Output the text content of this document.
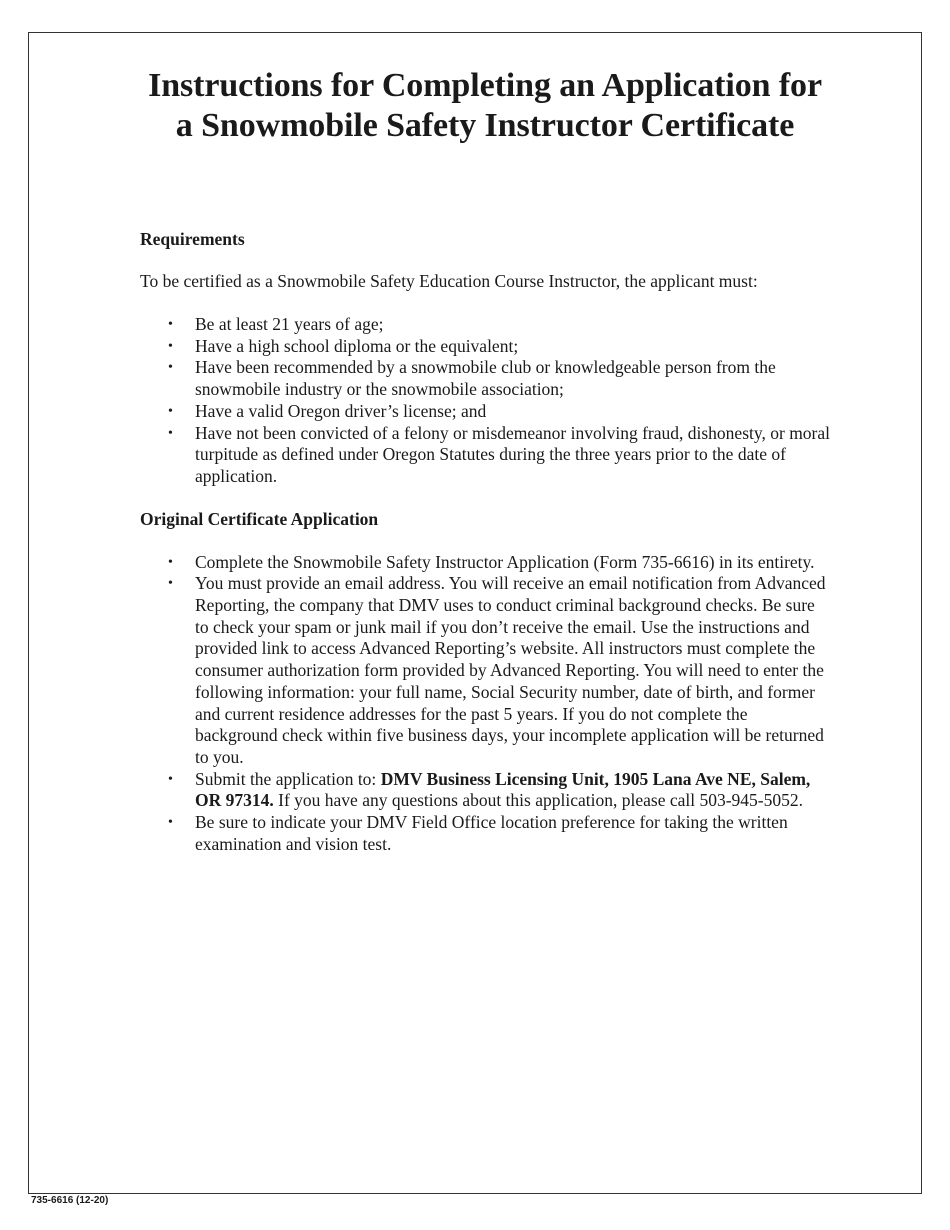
Instructions for Completing an Application for
a Snowmobile Safety Instructor Certificate
Requirements

To be certified as a Snowmobile Safety Education Course Instructor, the applicant must:

• Be at least 21 years of age;
• Have a high school diploma or the equivalent;
• Have been recommended by a snowmobile club or knowledgeable person from the snowmobile industry or the snowmobile association;
• Have a valid Oregon driver’s license; and
• Have not been convicted of a felony or misdemeanor involving fraud, dishonesty, or moral turpitude as defined under Oregon Statutes during the three years prior to the date of application.
Original Certificate Application
• Complete the Snowmobile Safety Instructor Application (Form 735-6616) in its entirety.
• You must provide an email address. You will receive an email notification from Advanced Reporting, the company that DMV uses to conduct criminal background checks. Be sure to check your spam or junk mail if you don’t receive the email. Use the instructions and provided link to access Advanced Reporting’s website. All instructors must complete the consumer authorization form provided by Advanced Reporting. You will need to enter the following information: your full name, Social Security number, date of birth, and former and current residence addresses for the past 5 years. If you do not complete the background check within five business days, your incomplete application will be returned to you.
• Submit the application to: DMV Business Licensing Unit, 1905 Lana Ave NE, Salem, OR 97314. If you have any questions about this application, please call 503-945-5052.
• Be sure to indicate your DMV Field Office location preference for taking the written examination and vision test.
735-6616 (12-20)
